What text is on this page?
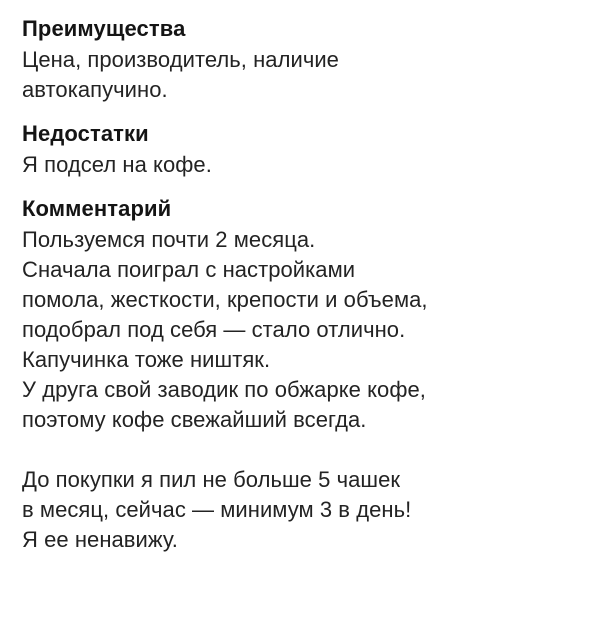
Преимущества
Цена, производитель, наличие
автокапучино.
Недостатки
Я подсел на кофе.
Комментарий
Пользуемся почти 2 месяца.
Сначала поиграл с настройками
помола, жесткости, крепости и объема,
подобрал под себя — стало отлично.
Капучинка тоже ништяк.
У друга свой заводик по обжарке кофе,
поэтому кофе свежайший всегда.
До покупки я пил не больше 5 чашек
в месяц, сейчас — минимум 3 в день!
Я ее ненавижу.
